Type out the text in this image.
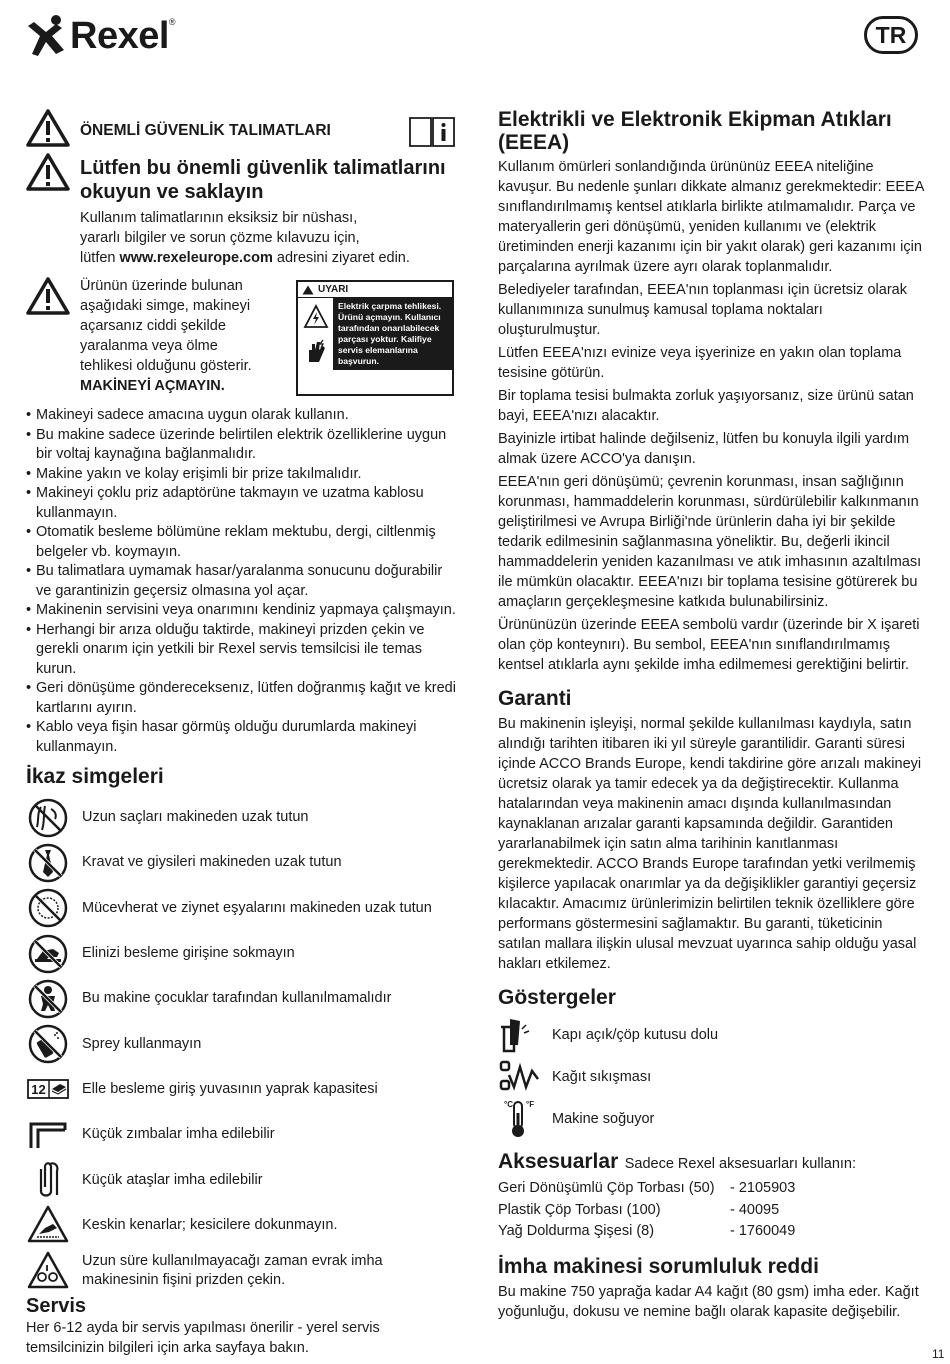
Rexel ®	TR
ÖNEMLİ GÜVENLİK TALIMATLARI
Lütfen bu önemli güvenlik talimatlarını
okuyun ve saklayın
Kullanım talimatlarının eksiksiz bir nüshası,
yararlı bilgiler ve sorun çözme kılavuzu için,
lütfen www.rexeleurope.com adresini ziyaret edin.
Ürünün üzerinde bulunan
aşağıdaki simge, makineyi
açarsanız ciddi şekilde
yaralanma veya ölme
tehlikesi olduğunu gösterir.
MAKİNEYİ AÇMAYIN.
UYARI
Elektrik çarpma tehlikesi. Ürünü açmayın. Kullanıcı tarafından onarılabilecek parçası yoktur. Kalifiye servis elemanlarına başvurun.
• Makineyi sadece amacına uygun olarak kullanın.
• Bu makine sadece üzerinde belirtilen elektrik özelliklerine uygun bir voltaj kaynağına bağlanmalıdır.
• Makine yakın ve kolay erişimli bir prize takılmalıdır.
• Makineyi çoklu priz adaptörüne takmayın ve uzatma kablosu kullanmayın.
• Otomatik besleme bölümüne reklam mektubu, dergi, ciltlenmiş belgeler vb. koymayın.
• Bu talimatlara uymamak hasar/yaralanma sonucunu doğurabilir ve garantinizin geçersiz olmasına yol açar.
• Makinenin servisini veya onarımını kendiniz yapmaya çalışmayın.
• Herhangi bir arıza olduğu taktirde, makineyi prizden çekin ve gerekli onarım için yetkili bir Rexel servis temsilcisi ile temas kurun.
• Geri dönüşüme göndereceksenız, lütfen doğranmış kağıt ve kredi kartlarını ayırın.
• Kablo veya fişin hasar görmüş olduğu durumlarda makineyi kullanmayın.
İkaz simgeleri
Uzun saçları makineden uzak tutun
Kravat ve giysileri makineden uzak tutun
Mücevherat ve ziynet eşyalarını makineden uzak tutun
Elinizi besleme girişine sokmayın
Bu makine çocuklar tarafından kullanılmamalıdır
Sprey kullanmayın
12	Elle besleme giriş yuvasının yaprak kapasitesi
Küçük zımbalar imha edilebilir
Küçük ataşlar imha edilebilir
Keskin kenarlar; kesicilere dokunmayın.
Uzun süre kullanılmayacağı zaman evrak imha makinesinin fişini prizden çekin.
Servis
Her 6-12 ayda bir servis yapılması önerilir - yerel servis temsilcinizin bilgileri için arka sayfaya bakın.
Elektrikli ve Elektronik Ekipman Atıkları (EEEA)
Kullanım ömürleri sonlandığında ürününüz EEEA niteliğine kavuşur. Bu nedenle şunları dikkate almanız gerekmektedir: EEEA sınıflandırılmamış kentsel atıklarla birlikte atılmamalıdır. Parça ve materyallerin geri dönüşümü, yeniden kullanımı ve (elektrik üretiminden enerji kazanımı için bir yakıt olarak) geri kazanımı için parçalarına ayrılmak üzere ayrı olarak toplanmalıdır.
Belediyeler tarafından, EEEA'nın toplanması için ücretsiz olarak kullanımınıza sunulmuş kamusal toplama noktaları oluşturulmuştur.
Lütfen EEEA'nızı evinize veya işyerinize en yakın olan toplama tesisine götürün.
Bir toplama tesisi bulmakta zorluk yaşıyorsanız, size ürünü satan bayi, EEEA'nızı alacaktır.
Bayinizle irtibat halinde değilseniz, lütfen bu konuyla ilgili yardım almak üzere ACCO'ya danışın.
EEEA'nın geri dönüşümü; çevrenin korunması, insan sağlığının korunması, hammaddelerin korunması, sürdürülebilir kalkınmanın geliştirilmesi ve Avrupa Birliği'nde ürünlerin daha iyi bir şekilde tedarik edilmesinin sağlanmasına yöneliktir. Bu, değerli ikincil hammaddelerin yeniden kazanılması ve atık imhasının azaltılması ile mümkün olacaktır. EEEA'nızı bir toplama tesisine götürerek bu amaçların gerçekleşmesine katkıda bulunabilirsiniz.
Ürününüzün üzerinde EEEA sembolü vardır (üzerinde bir X işareti olan çöp konteynırı). Bu sembol, EEEA'nın sınıflandırılmamış kentsel atıklarla aynı şekilde imha edilmemesi gerektiğini belirtir.
Garanti
Bu makinenin işleyişi, normal şekilde kullanılması kaydıyla, satın alındığı tarihten itibaren iki yıl süreyle garantilidir. Garanti süresi içinde ACCO Brands Europe, kendi takdirine göre arızalı makineyi ücretsiz olarak ya tamir edecek ya da değiştirecektir. Kullanma hatalarından veya makinenin amacı dışında kullanılmasından kaynaklanan arızalar garanti kapsamında değildir. Garantiden yararlanabilmek için satın alma tarihinin kanıtlanması gerekmektedir. ACCO Brands Europe tarafından yetki verilmemiş kişilerce yapılacak onarımlar ya da değişiklikler garantiyi geçersiz kılacaktır. Amacımız ürünlerimizin belirtilen teknik özelliklere göre performans göstermesini sağlamaktır. Bu garanti, tüketicinin satılan mallara ilişkin ulusal mevzuat uyarınca sahip olduğu yasal hakları etkilemez.
Göstergeler
Kapı açık/çöp kutusu dolu
Kağıt sıkışması
°C °F
Makine soğuyor
Aksesuarlar Sadece Rexel aksesuarları kullanın:
Geri Dönüşümlü Çöp Torbası (50)	- 2105903
Plastik Çöp Torbası (100)	- 40095
Yağ Doldurma Şişesi (8)	- 1760049
İmha makinesi sorumluluk reddi
Bu makine 750 yaprağa kadar A4 kağıt (80 gsm) imha eder. Kağıt yoğunluğu, dokusu ve nemine bağlı olarak kapasite değişebilir.
11
